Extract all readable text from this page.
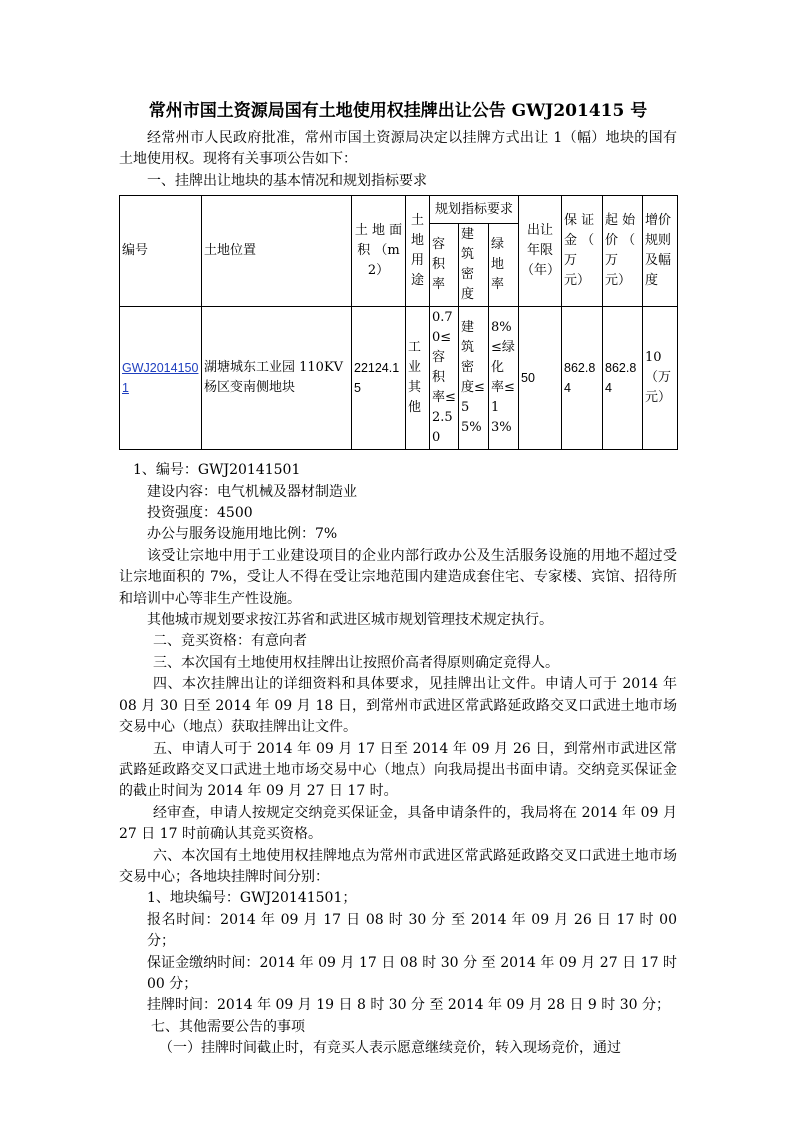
常州市国土资源局国有土地使用权挂牌出让公告 GWJ201415 号

经常州市人民政府批准，常州市国土资源局决定以挂牌方式出让 1（幅）地块的国有土地使用权。现将有关事项公告如下：

一、挂牌出让地块的基本情况和规划指标要求

编号	土地位置	土 地 面 积 （m2）	土地用途	规划指标要求			出让年限（年）	保 证 金 （ 万 元）	起 始 价 （ 万 元）	增价规则及幅度
				容积率	建筑密度	绿地率				
GWJ20141501	湖塘城东工业园 110KV 杨区变南侧地块	22124.15	工业其他	0.70≤容积率≤2.50	建筑密度≤55%	8%≤绿化率≤13%	50	862.84	862.84	10（万元）

1、编号：GWJ20141501

建设内容：电气机械及器材制造业

投资强度：4500

办公与服务设施用地比例：7%

该受让宗地中用于工业建设项目的企业内部行政办公及生活服务设施的用地不超过受让宗地面积的 7%，受让人不得在受让宗地范围内建造成套住宅、专家楼、宾馆、招待所和培训中心等非生产性设施。

其他城市规划要求按江苏省和武进区城市规划管理技术规定执行。

二、竞买资格：有意向者

三、本次国有土地使用权挂牌出让按照价高者得原则确定竞得人。

四、本次挂牌出让的详细资料和具体要求，见挂牌出让文件。申请人可于 2014 年 08 月 30 日至 2014 年 09 月 18 日，到常州市武进区常武路延政路交叉口武进土地市场交易中心（地点）获取挂牌出让文件。

五、申请人可于 2014 年 09 月 17 日至 2014 年 09 月 26 日，到常州市武进区常武路延政路交叉口武进土地市场交易中心（地点）向我局提出书面申请。交纳竞买保证金的截止时间为 2014 年 09 月 27 日 17 时。

经审查，申请人按规定交纳竞买保证金，具备申请条件的，我局将在 2014 年 09 月 27 日 17 时前确认其竞买资格。

六、本次国有土地使用权挂牌地点为常州市武进区常武路延政路交叉口武进土地市场交易中心；各地块挂牌时间分别：

1、地块编号：GWJ20141501；

报名时间：2014 年 09 月 17 日 08 时 30 分 至 2014 年 09 月 26 日 17 时 00 分；

保证金缴纳时间：2014 年 09 月 17 日 08 时 30 分 至 2014 年 09 月 27 日 17 时 00 分；

挂牌时间：2014 年 09 月 19 日 8 时 30 分 至 2014 年 09 月 28 日 9 时 30 分；

七、其他需要公告的事项

（一）挂牌时间截止时，有竞买人表示愿意继续竞价，转入现场竞价，通过
